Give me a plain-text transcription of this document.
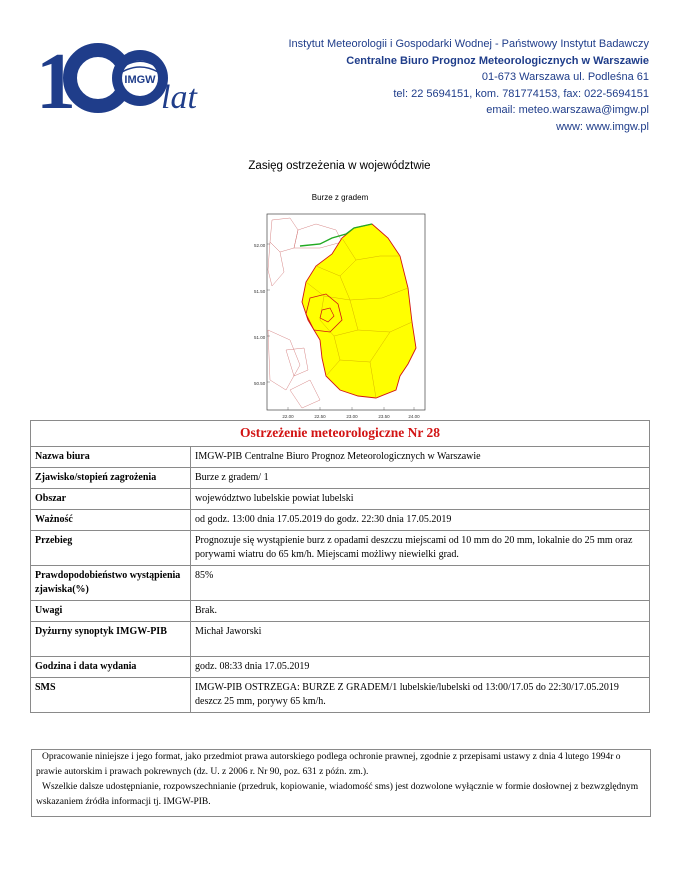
1	IMGW lat
Instytut Meteorologii i Gospodarki Wodnej - Państwowy Instytut Badawczy
Centralne Biuro Prognoz Meteorologicznych w Warszawie
01-673 Warszawa ul. Podleśna 61
tel: 22 5694151, kom. 781774153, fax: 022-5694151
email: meteo.warszawa@imgw.pl
www: www.imgw.pl
Zasięg ostrzeżenia w województwie
Burze z gradem
52.00
51.50
51.00
50.50
22.00	22.50	23.00	23.50	24.00
Ostrzeżenie meteorologiczne Nr 28	
Nazwa biura	IMGW-PIB Centralne Biuro Prognoz Meteorologicznych w Warszawie
Zjawisko/stopień zagrożenia	Burze z gradem/ 1
Obszar	województwo lubelskie powiat lubelski
Ważność	od godz. 13:00 dnia 17.05.2019 do godz. 22:30 dnia 17.05.2019
Przebieg	Prognozuje się wystąpienie burz z opadami deszczu miejscami od 10 mm do 20 mm, lokalnie do 25 mm oraz porywami wiatru do 65 km/h. Miejscami możliwy niewielki grad.
Prawdopodobieństwo wystąpienia zjawiska(%)	85%
Uwagi	Brak.
Dyżurny synoptyk IMGW-PIB	Michał Jaworski
Godzina i data wydania	godz. 08:33 dnia 17.05.2019
SMS	IMGW-PIB OSTRZEGA: BURZE Z GRADEM/1 lubelskie/lubelski od 13:00/17.05 do 22:30/17.05.2019 deszcz 25 mm, porywy 65 km/h.

Opracowanie niniejsze i jego format, jako przedmiot prawa autorskiego podlega ochronie prawnej, zgodnie z przepisami ustawy z dnia 4 lutego 1994r o prawie autorskim i prawach pokrewnych (dz. U. z 2006 r. Nr 90, poz. 631 z późn. zm.).

Wszelkie dalsze udostępnianie, rozpowszechnianie (przedruk, kopiowanie, wiadomość sms) jest dozwolone wyłącznie w formie dosłownej z bezwzględnym wskazaniem źródła informacji tj. IMGW-PIB.
